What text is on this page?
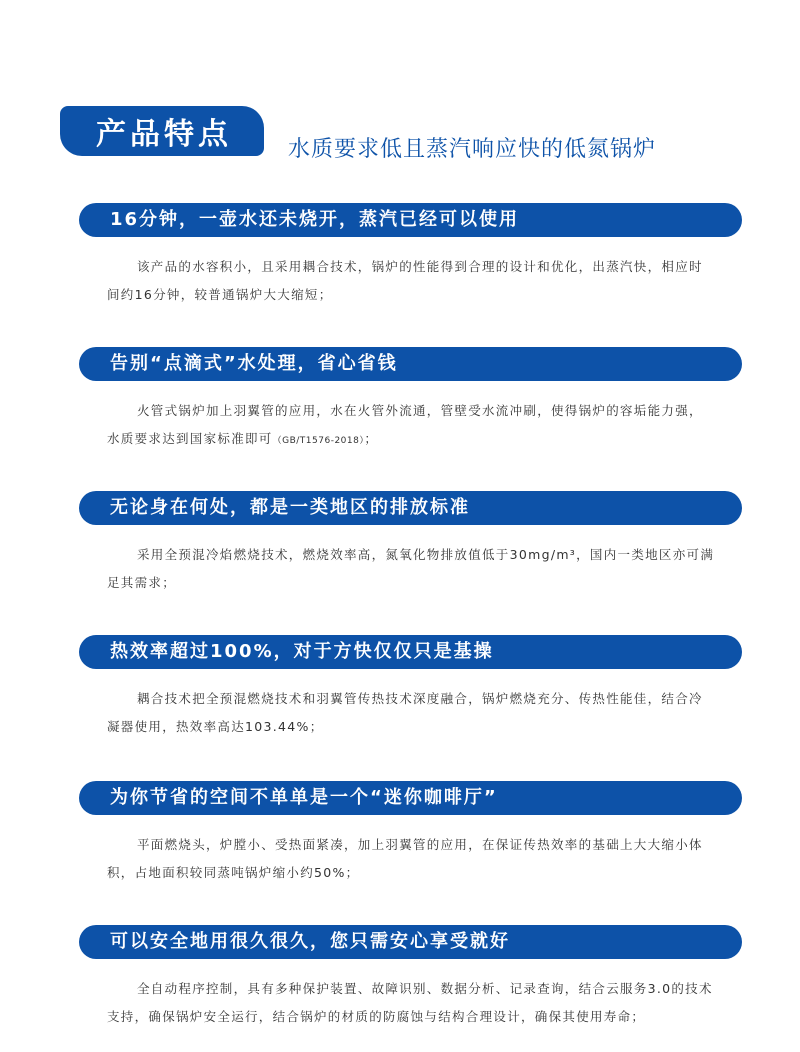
产品特点	水质要求低且蒸汽响应快的低氮锅炉
16分钟，一壶水还未烧开，蒸汽已经可以使用

该产品的水容积小，且采用耦合技术，锅炉的性能得到合理的设计和优化，出蒸汽快，相应时间约16分钟，较普通锅炉大大缩短；

告别“点滴式”水处理，省心省钱

火管式锅炉加上羽翼管的应用，水在火管外流通，管壁受水流冲刷，使得锅炉的容垢能力强，水质要求达到国家标准即可（GB/T1576-2018）；

无论身在何处，都是一类地区的排放标准

采用全预混冷焰燃烧技术，燃烧效率高，氮氧化物排放值低于30mg/m³，国内一类地区亦可满足其需求；

热效率超过100%，对于方快仅仅只是基操

耦合技术把全预混燃烧技术和羽翼管传热技术深度融合，锅炉燃烧充分、传热性能佳，结合冷凝器使用，热效率高达103.44%；

为你节省的空间不单单是一个“迷你咖啡厅”

平面燃烧头，炉膛小、受热面紧凑，加上羽翼管的应用，在保证传热效率的基础上大大缩小体积，占地面积较同蒸吨锅炉缩小约50%；

可以安全地用很久很久，您只需安心享受就好

全自动程序控制，具有多种保护装置、故障识别、数据分析、记录查询，结合云服务3.0的技术支持，确保锅炉安全运行，结合锅炉的材质的防腐蚀与结构合理设计，确保其使用寿命；
